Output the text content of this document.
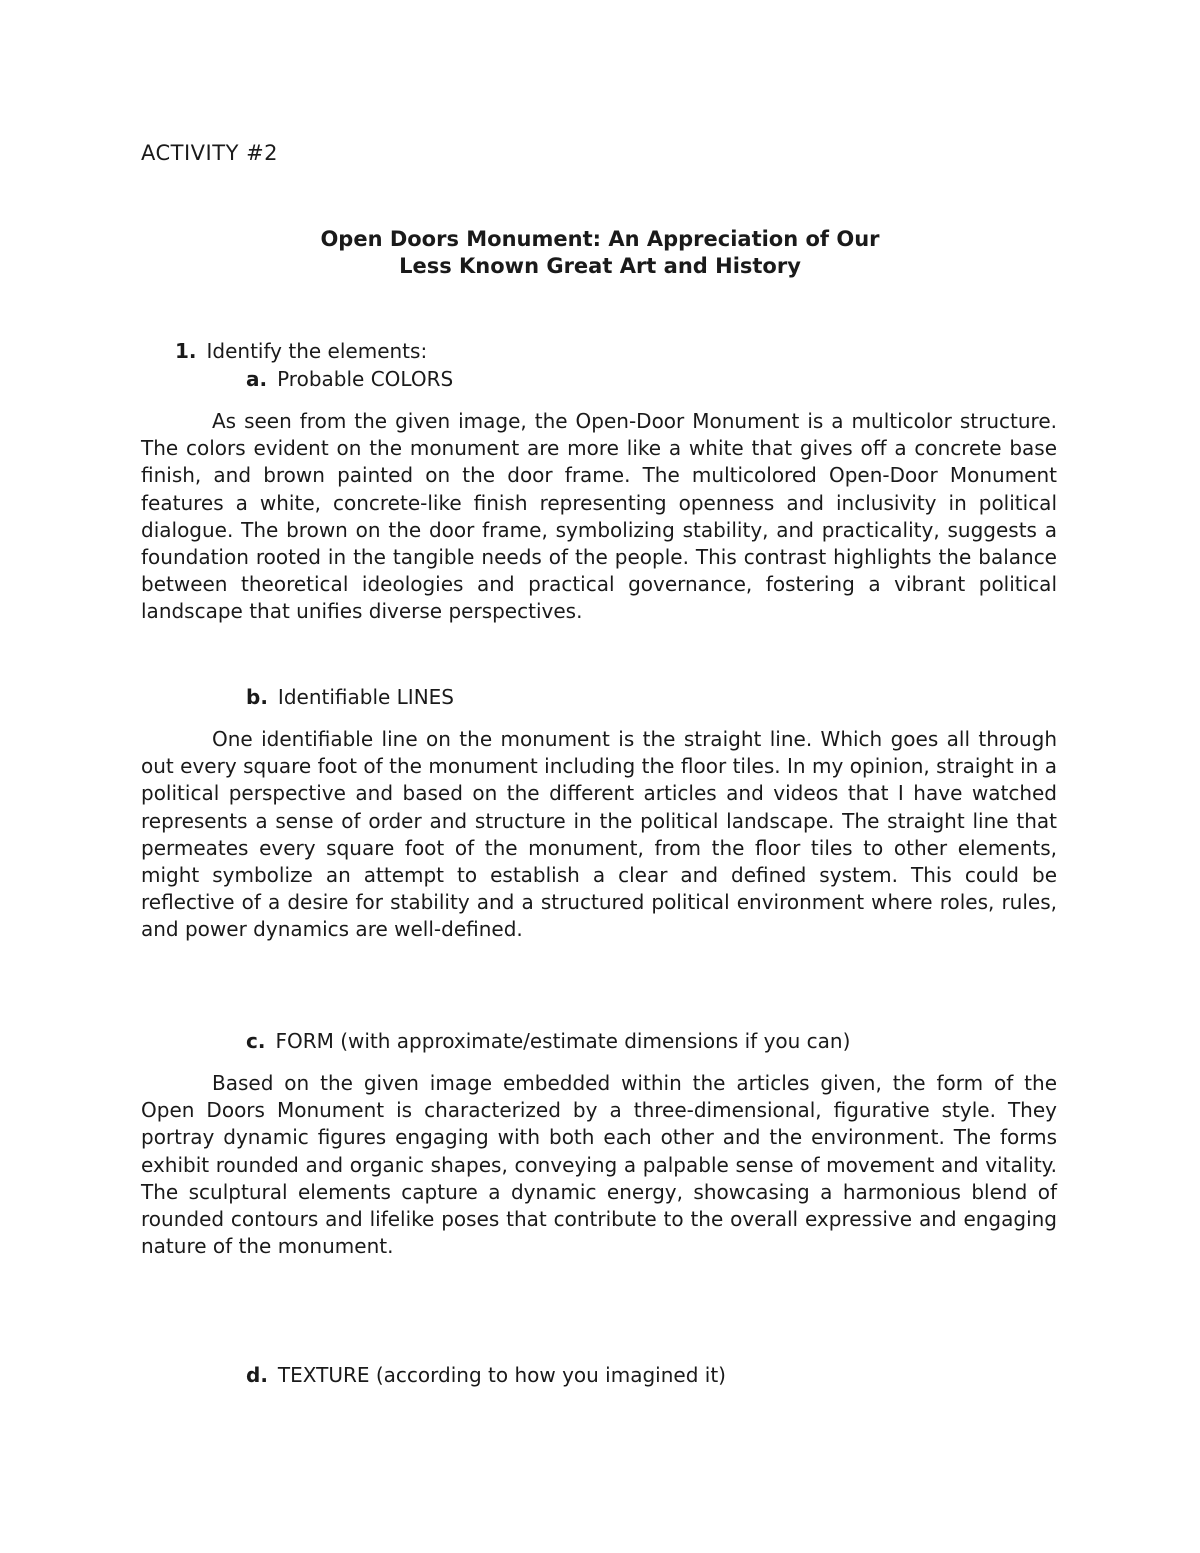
ACTIVITY #2
Open Doors Monument: An Appreciation of Our
Less Known Great Art and History
1. Identify the elements:
a. Probable COLORS

As seen from the given image, the Open-Door Monument is a multicolor structure. The colors evident on the monument are more like a white that gives off a concrete base finish, and brown painted on the door frame. The multicolored Open-Door Monument features a white, concrete-like finish representing openness and inclusivity in political dialogue. The brown on the door frame, symbolizing stability, and practicality, suggests a foundation rooted in the tangible needs of the people. This contrast highlights the balance between theoretical ideologies and practical governance, fostering a vibrant political landscape that unifies diverse perspectives.

b. Identifiable LINES

One identifiable line on the monument is the straight line. Which goes all through out every square foot of the monument including the floor tiles. In my opinion, straight in a political perspective and based on the different articles and videos that I have watched represents a sense of order and structure in the political landscape. The straight line that permeates every square foot of the monument, from the floor tiles to other elements, might symbolize an attempt to establish a clear and defined system. This could be reflective of a desire for stability and a structured political environment where roles, rules, and power dynamics are well-defined.

c. FORM (with approximate/estimate dimensions if you can)

Based on the given image embedded within the articles given, the form of the Open Doors Monument is characterized by a three-dimensional, figurative style. They portray dynamic figures engaging with both each other and the environment. The forms exhibit rounded and organic shapes, conveying a palpable sense of movement and vitality. The sculptural elements capture a dynamic energy, showcasing a harmonious blend of rounded contours and lifelike poses that contribute to the overall expressive and engaging nature of the monument.

d. TEXTURE (according to how you imagined it)
